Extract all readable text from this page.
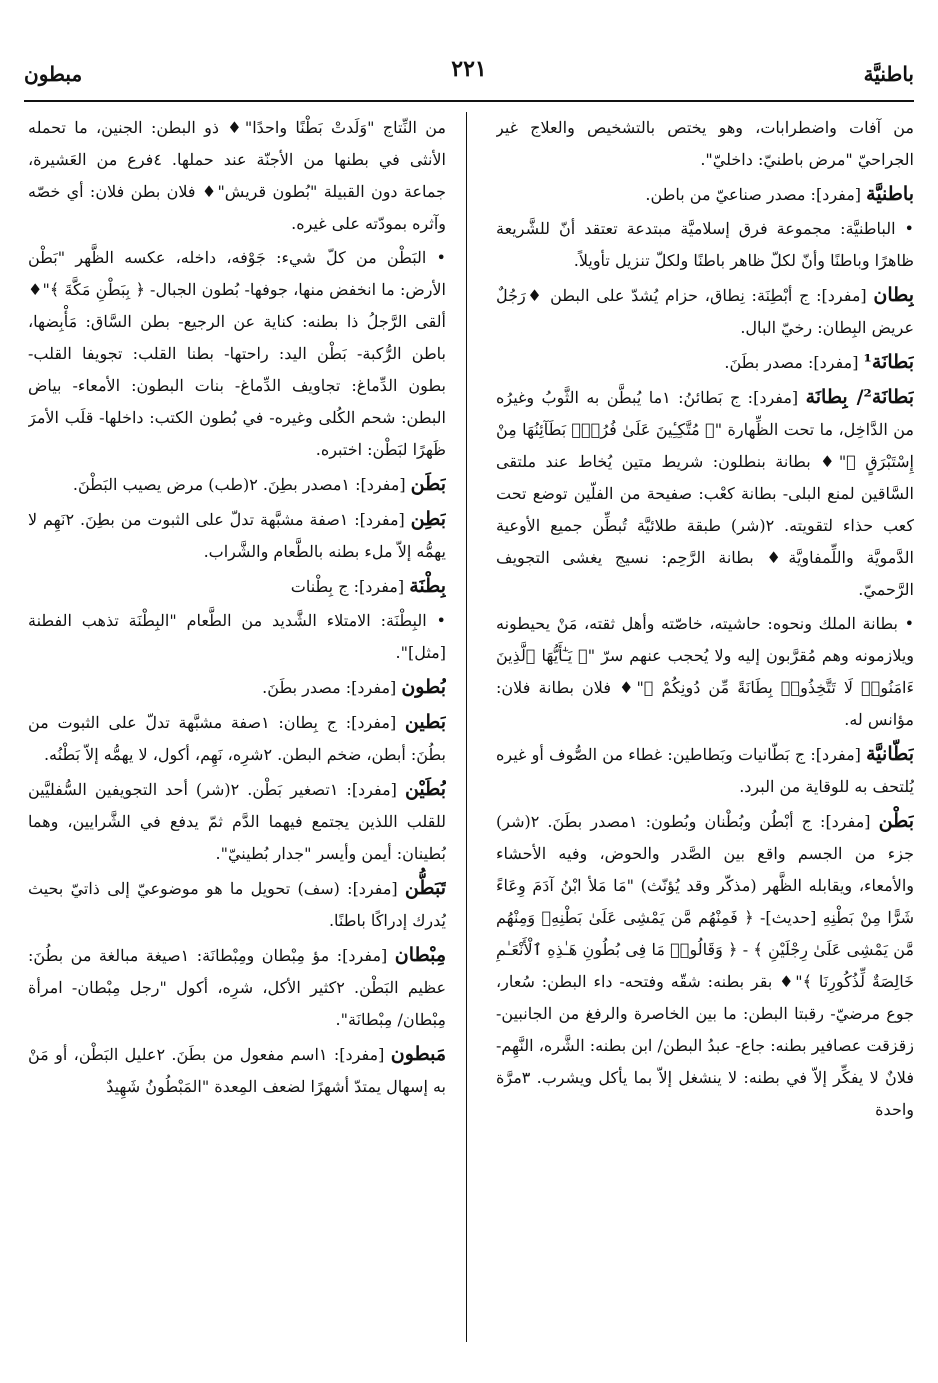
باطنيَّة
٢٢١
مبطون

من آفات واضطرابات، وهو يختص بالتشخيص والعلاج غير الجراحيّ "مرض باطنيّ: داخليّ".

باطنيَّة [مفرد]: مصدر صناعيّ من باطن.

• الباطنيَّة: مجموعة فرق إسلاميَّة مبتدعة تعتقد أنّ للشَّريعة ظاهرًا وباطنًا وأنّ لكلّ ظاهر باطنًا ولكلّ تنزيل تأويلاً.

بِطان [مفرد]: ج أبْطِنَة: نِطاق، حزام يُشدّ على البطن ♦رَجُلٌ عريض البِطان: رخيّ البال.

بَطانَة¹ [مفرد]: مصدر بطَنَ.

بَطانَة²/ بِطانَة [مفرد]: ج بَطائنُ: ١ما يُبطَّن به الثَّوبُ وغيرُه من الدَّاخِل، ما تحت الظِّهارة "﴿ مُتَّكِـِٔينَ عَلَىٰ فُرُشٍۭ بَطَآئِنُهَا مِنْ إِسْتَبْرَقٍ ﴾"♦ بطانة بنطلون: شريط متين يُخاط عند ملتقى السَّاقين لمنع البلى- بطانة كعْب: صفيحة من الفلّين توضع تحت كعب حذاء لتقويته. ٢(شر) طبقة طلائيَّة تُبطِّن جميع الأوعية الدَّمويَّة واللِّمفاويَّة♦ بطانة الرَّحِم: نسيج يغشى التجويف الرَّحميّ.

• بطانة الملك ونحوه: حاشيته، خاصّته وأهل ثقته، مَنْ يحيطونه ويلازمونه وهم مُقرَّبون إليه ولا يُحجب عنهم سرّ "﴿ يَـٰٓأَيُّهَا ٱلَّذِينَ ءَامَنُوا۟ لَا تَتَّخِذُوا۟ بِطَانَةً مِّن دُونِكُمْ ﴾"♦ فلان بطانة فلان: مؤانس له.

بَطّانيَّة [مفرد]: ج بَطّانيات وبَطاطين: غطاء من الصُّوف أو غيره يُلتحف به للوقاية من البرد.

بَطْن [مفرد]: ج أبْطُن وبُطْنان وبُطون: ١مصدر بطَنَ. ٢(شر) جزء من الجسم واقع بين الصَّدر والحوض، وفيه الأحشاء والأمعاء، ويقابله الظَّهر (مذكّر وقد يُؤنّث) "مَا مَلأ ابْنُ آدَمَ وِعَاءً شَرًّا مِنْ بَطْنِهِ [حديث]- ﴿ فَمِنْهُم مَّن يَمْشِى عَلَىٰ بَطْنِهِۦ وَمِنْهُم مَّن يَمْشِى عَلَىٰ رِجْلَيْنِ ﴾ - ﴿ وَقَالُوا۟ مَا فِى بُطُونِ هَـٰذِهِ ٱلْأَنْعَـٰمِ خَالِصَةٌ لِّذُكُورِنَا ﴾"♦ بقر بطنه: شقّه وفتحه- داء البطن: سُعار، جوع مرضيّ- رقبتا البطن: ما بين الخاصرة والرفغ من الجانبين- زقزقت عصافير بطنه: جاع- عبدُ البطن/ ابن بطنه: الشَّره، النَّهِم- فلانٌ لا يفكِّر إلاّ في بطنه: لا ينشغل إلاّ بما يأكل ويشرب. ٣مرَّة واحدة

من النِّتاج "وَلَدتْ بَطْنًا واحدًا"♦ ذو البطن: الجنين، ما تحمله الأنثى في بطنها من الأجنّة عند حملها. ٤فرع من العَشيرة، جماعة دون القبيلة "بُطون قريش"♦ فلان بطن فلان: أي خصّه وآثره بمودّته على غيره.

• البَطْن من كلّ شيء: جَوْفه، داخله، عكسه الظَّهر "بَطْن الأرض: ما انخفض منها، جوفها- بُطون الجبال- ﴿ بِبَطْنِ مَكَّةَ ﴾"♦ ألقى الرَّجلُ ذا بطنه: كناية عن الرجيع- بطن السَّاق: مَأْبِضها، باطن الرُّكبة- بَطْن اليد: راحتها- بطنا القلب: تجويفا القلب- بطون الدِّماغ: تجاويف الدِّماغ- بنات البطون: الأمعاء- بياض البطن: شحم الكُلى وغيره- في بُطون الكتب: داخلها- قلَب الأمرَ ظَهرًا لبَطْن: اختبره.

بَطَن [مفرد]: ١مصدر بطِنَ. ٢(طب) مرض يصيب البَطْنَ.

بَطِن [مفرد]: ١صفة مشبَّهة تدلّ على الثبوت من بطِنَ. ٢نَهِم لا يهمُّه إلاّ ملء بطنه بالطَّعام والشَّراب.

بِطْنَة [مفرد]: ج بِطْنات

• البِطْنَة: الامتلاء الشَّديد من الطَّعام "البِطْنَة تذهب الفطنة [مثل]".

بُطون [مفرد]: مصدر بطَنَ.

بَطين [مفرد]: ج بِطان: ١صفة مشبَّهة تدلّ على الثبوت من بطُنَ: أبطن، ضخم البطن. ٢شرِه، نَهِم، أكول، لا يهمُّه إلاّ بَطْنُه.

بُطَيْن [مفرد]: ١تصغير بَطْن. ٢(شر) أحد التجويفين السُّفليَّين للقلب اللذين يجتمع فيهما الدَّم ثمّ يدفع في الشَّرايين، وهما بُطينان: أيمن وأيسر "جدار بُطينيّ".

تَبَطُّن [مفرد]: (سف) تحويل ما هو موضوعيّ إلى ذاتيّ بحيث يُدرك إدراكًا باطنًا.

مِبْطان [مفرد]: مؤ مِبْطان ومِبْطانَة: ١صيغة مبالغة من بطُنَ: عظيم البَطْن. ٢كثير الأكل، شرِه، أكول "رجل مِبْطان- امرأة مِبْطان/ مِبْطانَة".

مَبطون [مفرد]: ١اسم مفعول من بطَنَ. ٢عليل البَطْن، أو مَنْ به إسهال يمتدّ أشهرًا لضعف المِعدة "المَبْطُونُ شَهِيدٌ
